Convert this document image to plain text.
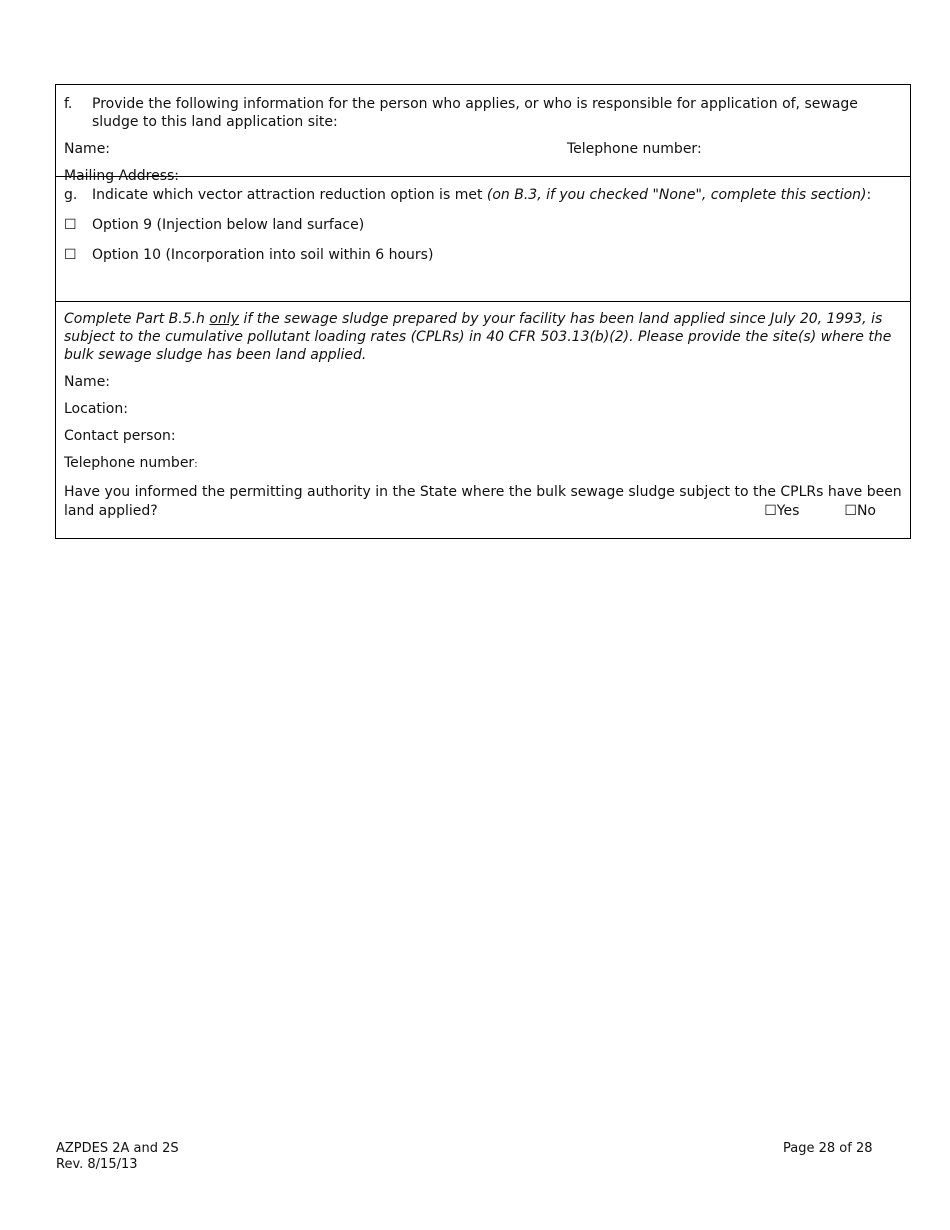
f.	Provide the following information for the person who applies, or who is responsible for application of, sewage sludge to this land application site:
Name:	Telephone number:
Mailing Address:
g.	Indicate which vector attraction reduction option is met (on B.3, if you checked "None", complete this section):
☐	Option 9 (Injection below land surface)
☐	Option 10 (Incorporation into soil within 6 hours)
Complete Part B.5.h only if the sewage sludge prepared by your facility has been land applied since July 20, 1993, is subject to the cumulative pollutant loading rates (CPLRs) in 40 CFR 503.13(b)(2). Please provide the site(s) where the bulk sewage sludge has been land applied.
Name:
Location:
Contact person:
Telephone number:
Have you informed the permitting authority in the State where the bulk sewage sludge subject to the CPLRs have been land applied?	☐ Yes	☐ No
AZPDES 2A and 2S
Rev. 8/15/13
Page 28 of 28
